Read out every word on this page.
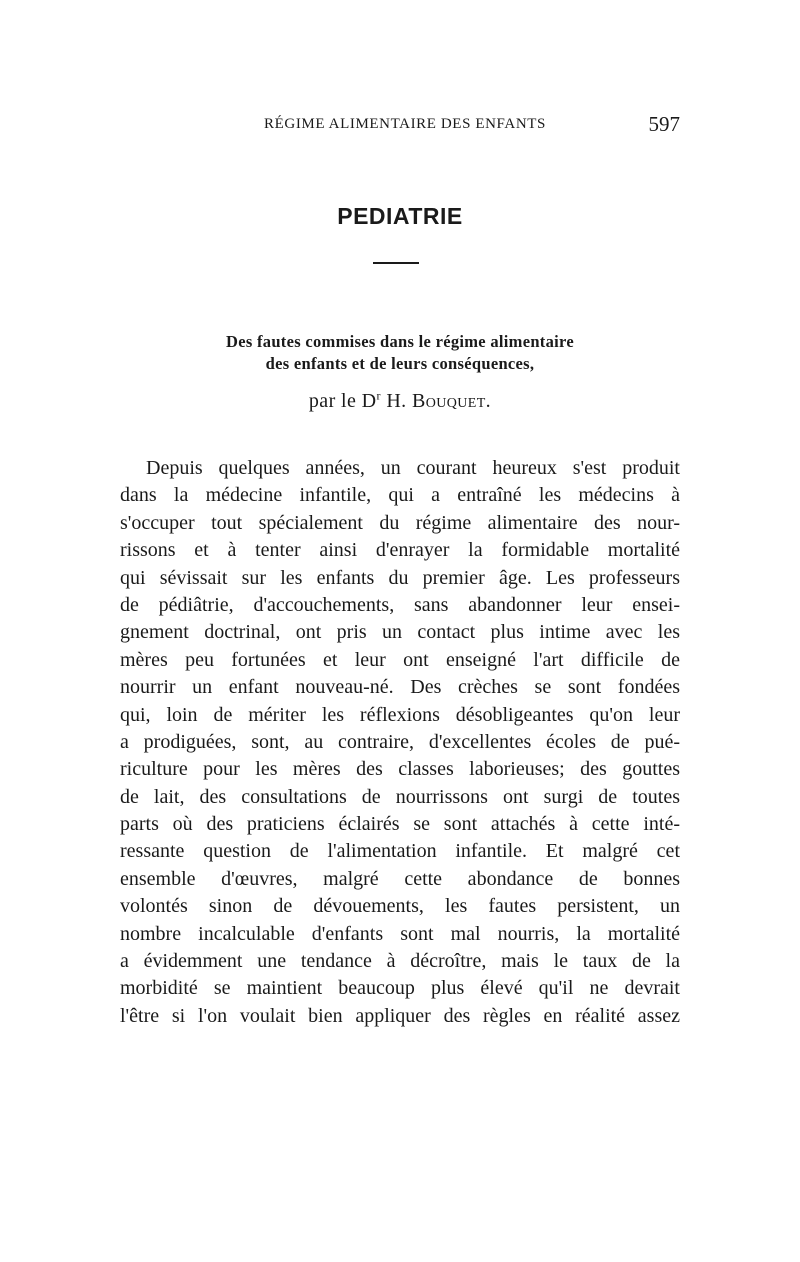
RÉGIME ALIMENTAIRE DES ENFANTS	597
PEDIATRIE
Des fautes commises dans le régime alimentaire
des enfants et de leurs conséquences,
par le $D^r$ H. Bouquet.
Depuis quelques années, un courant heureux s'est produit
dans la médecine infantile, qui a entraîné les médecins à
s'occuper tout spécialement du régime alimentaire des nour-
rissons et à tenter ainsi d'enrayer la formidable mortalité
qui sévissait sur les enfants du premier âge. Les professeurs
de pédiâtrie, d'accouchements, sans abandonner leur ensei-
gnement doctrinal, ont pris un contact plus intime avec les
mères peu fortunées et leur ont enseigné l'art difficile de
nourrir un enfant nouveau-né. Des crèches se sont fondées
qui, loin de mériter les réflexions désobligeantes qu'on leur
a prodiguées, sont, au contraire, d'excellentes écoles de pué-
riculture pour les mères des classes laborieuses; des gouttes
de lait, des consultations de nourrissons ont surgi de toutes
parts où des praticiens éclairés se sont attachés à cette inté-
ressante question de l'alimentation infantile. Et malgré cet
ensemble d'œuvres, malgré cette abondance de bonnes
volontés sinon de dévouements, les fautes persistent, un
nombre incalculable d'enfants sont mal nourris, la mortalité
a évidemment une tendance à décroître, mais le taux de la
morbidité se maintient beaucoup plus élevé qu'il ne devrait
l'être si l'on voulait bien appliquer des règles en réalité assez
